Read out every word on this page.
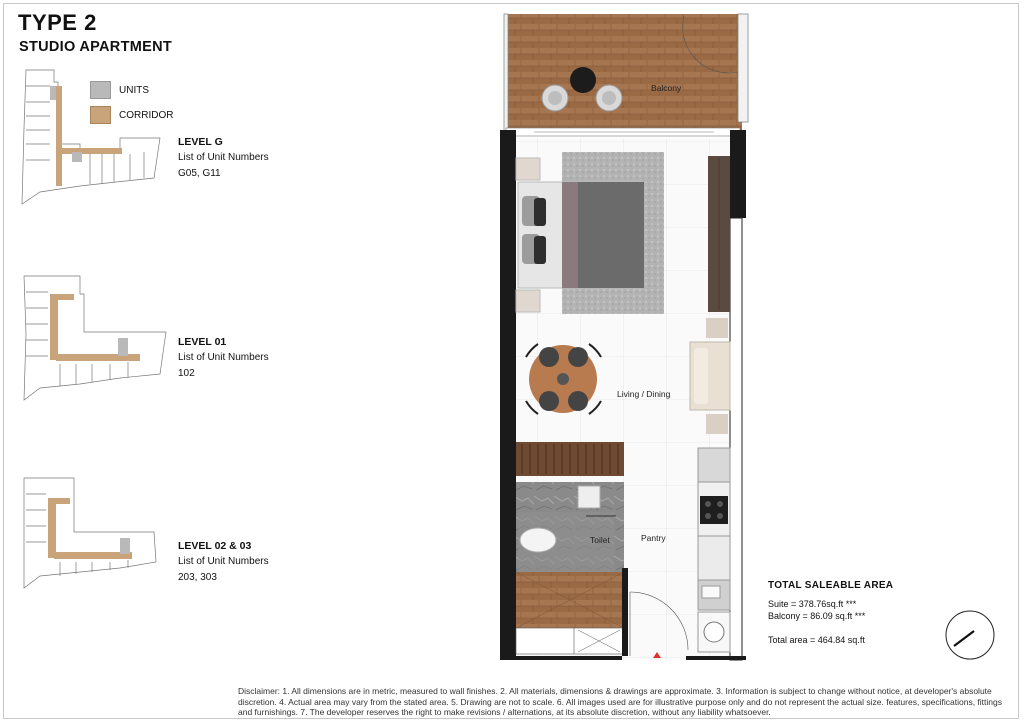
TYPE 2
STUDIO APARTMENT
UNITS
CORRIDOR
LEVEL G
List of Unit Numbers
G05, G11
LEVEL 01
List of Unit Numbers
102
LEVEL 02 & 03
List of Unit Numbers
203, 303
Balcony
Living / Dining
Toilet	Pantry
TOTAL SALEABLE AREA
Suite = 378.76sq.ft ***
Balcony = 86.09 sq.ft ***
Total area = 464.84 sq.ft
Disclaimer: 1. All dimensions are in metric, measured to wall finishes. 2. All materials, dimensions & drawings are approximate. 3. Information is subject to change without notice, at developer's absolute discretion. 4. Actual area may vary from the stated area. 5. Drawing are not to scale. 6. All images used are for illustrative purpose only and do not represent the actual size. features, specifications, fittings and furnishings. 7. The developer reserves the right to make revisions / alternations, at its absolute discretion, without any liability whatsoever.
